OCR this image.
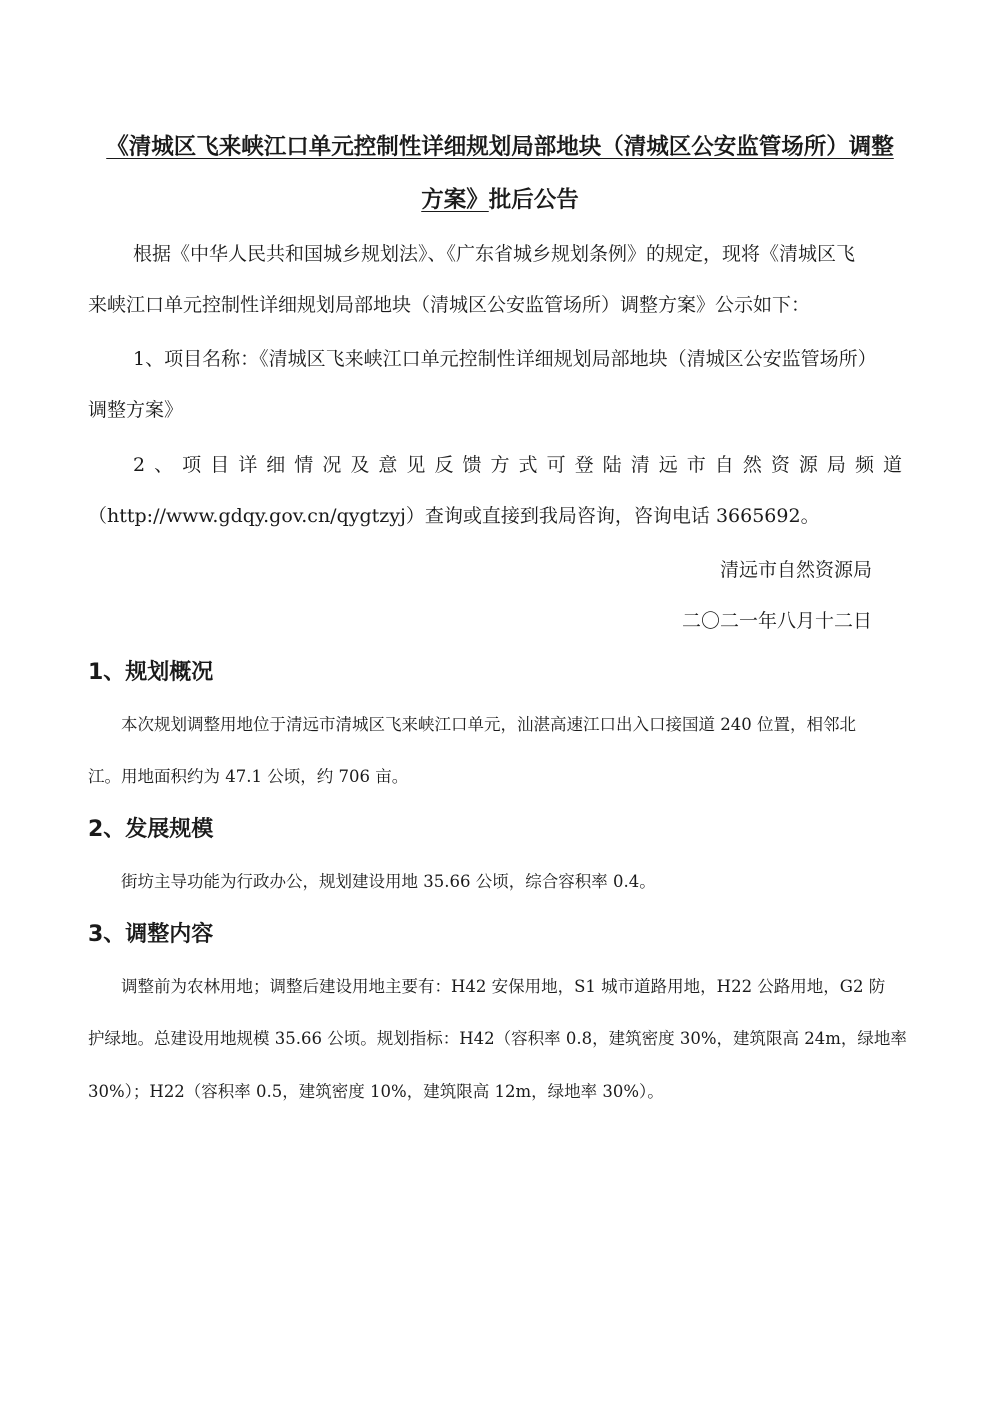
《清城区飞来峡江口单元控制性详细规划局部地块（清城区公安监管场所）调整
方案》批后公告
根据《中华人民共和国城乡规划法》、《广东省城乡规划条例》的规定，现将《清城区飞
来峡江口单元控制性详细规划局部地块（清城区公安监管场所）调整方案》公示如下：
1、项目名称：《清城区飞来峡江口单元控制性详细规划局部地块（清城区公安监管场所）
调整方案》
2、项目详细情况及意见反馈方式可登陆清远市自然资源局频道
（http://www.gdqy.gov.cn/qygtzyj）查询或直接到我局咨询，咨询电话 3665692。
清远市自然资源局
二〇二一年八月十二日
1、规划概况
本次规划调整用地位于清远市清城区飞来峡江口单元，汕湛高速江口出入口接国道 240 位置，相邻北
江。用地面积约为 47.1 公顷，约 706 亩。
2、发展规模
街坊主导功能为行政办公，规划建设用地 35.66 公顷，综合容积率 0.4。
3、调整内容
调整前为农林用地；调整后建设用地主要有：H42 安保用地，S1 城市道路用地，H22 公路用地，G2 防
护绿地。总建设用地规模 35.66 公顷。规划指标：H42（容积率 0.8，建筑密度 30%，建筑限高 24m，绿地率
30%）；H22（容积率 0.5，建筑密度 10%，建筑限高 12m，绿地率 30%）。
